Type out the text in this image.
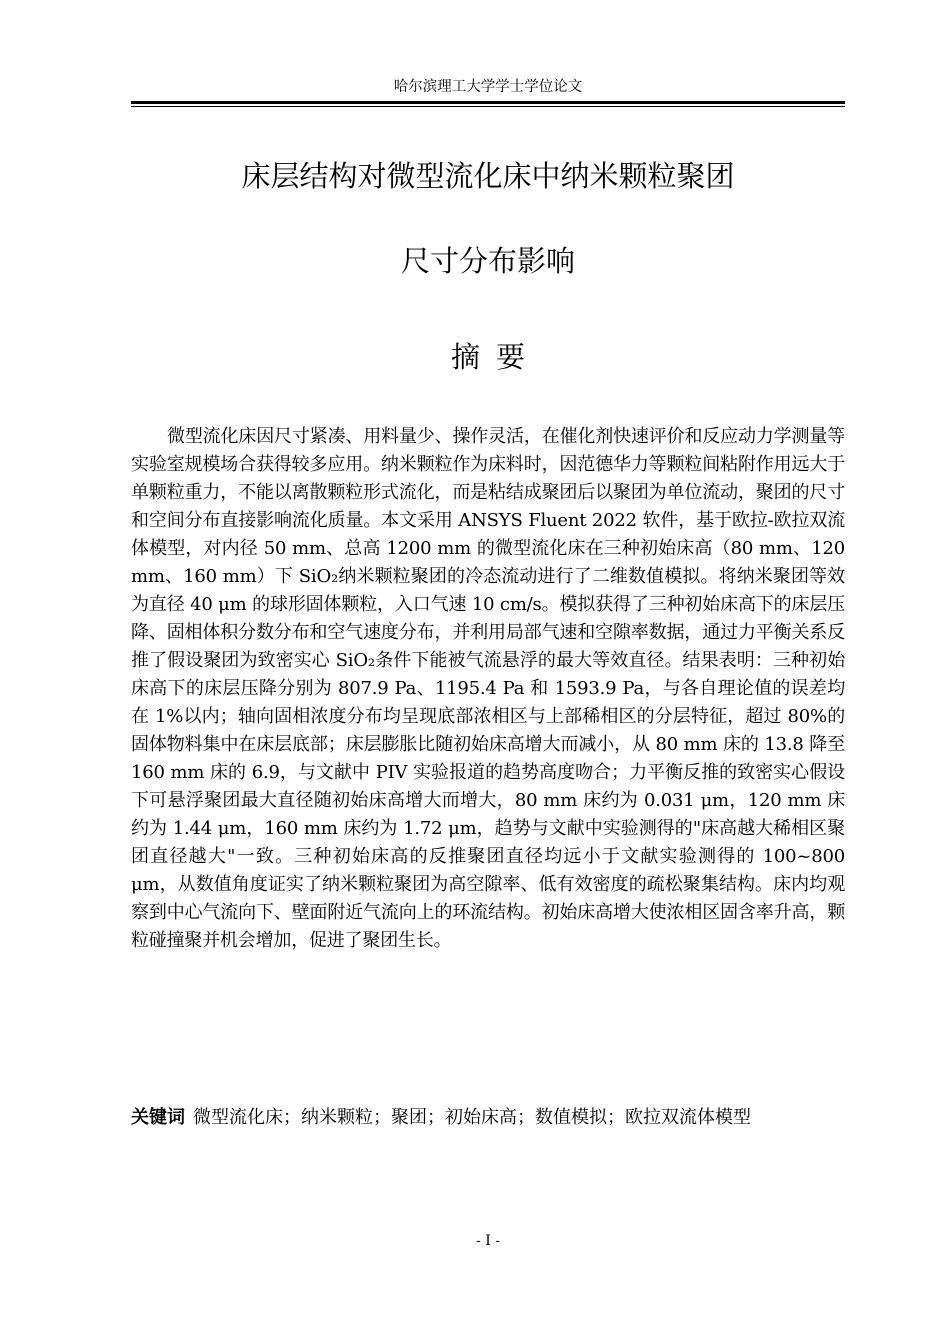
哈尔滨理工大学学士学位论文
床层结构对微型流化床中纳米颗粒聚团
尺寸分布影响
摘要

微型流化床因尺寸紧凑、用料量少、操作灵活，在催化剂快速评价和反应动力学测量等实验室规模场合获得较多应用。纳米颗粒作为床料时，因范德华力等颗粒间粘附作用远大于单颗粒重力，不能以离散颗粒形式流化，而是粘结成聚团后以聚团为单位流动，聚团的尺寸和空间分布直接影响流化质量。本文采用 ANSYS Fluent 2022 软件，基于欧拉-欧拉双流体模型，对内径 50 mm、总高 1200 mm 的微型流化床在三种初始床高（80 mm、120 mm、160 mm）下 SiO₂纳米颗粒聚团的冷态流动进行了二维数值模拟。将纳米聚团等效为直径 40 μm 的球形固体颗粒，入口气速 10 cm/s。模拟获得了三种初始床高下的床层压降、固相体积分数分布和空气速度分布，并利用局部气速和空隙率数据，通过力平衡关系反推了假设聚团为致密实心 SiO₂条件下能被气流悬浮的最大等效直径。结果表明：三种初始床高下的床层压降分别为 807.9 Pa、1195.4 Pa 和 1593.9 Pa，与各自理论值的误差均在 1%以内；轴向固相浓度分布均呈现底部浓相区与上部稀相区的分层特征，超过 80%的固体物料集中在床层底部；床层膨胀比随初始床高增大而减小，从 80 mm 床的 13.8 降至 160 mm 床的 6.9，与文献中 PIV 实验报道的趋势高度吻合；力平衡反推的致密实心假设下可悬浮聚团最大直径随初始床高增大而增大，80 mm 床约为 0.031 μm，120 mm 床约为 1.44 μm，160 mm 床约为 1.72 μm，趋势与文献中实验测得的"床高越大稀相区聚团直径越大"一致。三种初始床高的反推聚团直径均远小于文献实验测得的 100~800 μm，从数值角度证实了纳米颗粒聚团为高空隙率、低有效密度的疏松聚集结构。床内均观察到中心气流向下、壁面附近气流向上的环流结构。初始床高增大使浓相区固含率升高，颗粒碰撞聚并机会增加，促进了聚团生长。

关键词 微型流化床；纳米颗粒；聚团；初始床高；数值模拟；欧拉双流体模型

- I -
